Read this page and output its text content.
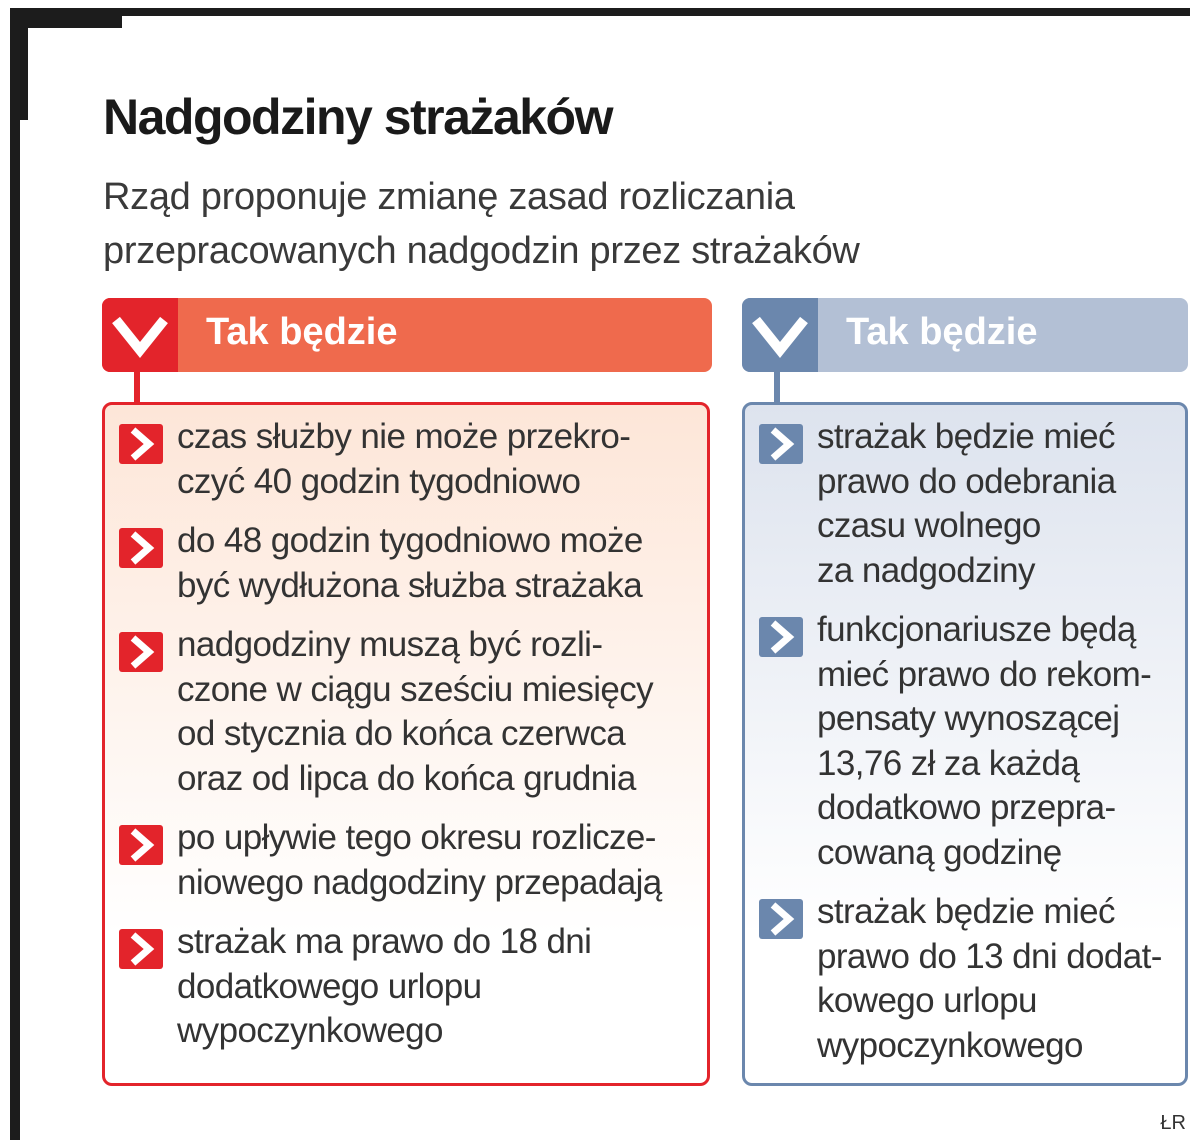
Nadgodziny strażaków

Rząd proponuje zmianę zasad rozliczania
przepracowanych nadgodzin przez strażaków

Tak będzie
czas służby nie może przekro-
czyć 40 godzin tygodniowo
do 48 godzin tygodniowo może
być wydłużona służba strażaka
nadgodziny muszą być rozli-
czone w ciągu sześciu miesięcy
od stycznia do końca czerwca
oraz od lipca do końca grudnia
po upływie tego okresu rozlicze-
niowego nadgodziny przepadają
strażak ma prawo do 18 dni
dodatkowego urlopu
wypoczynkowego
Tak będzie
strażak będzie mieć
prawo do odebrania
czasu wolnego
za nadgodziny
funkcjonariusze będą
mieć prawo do rekom-
pensaty wynoszącej
13,76 zł za każdą
dodatkowo przepra-
cowaną godzinę
strażak będzie mieć
prawo do 13 dni dodat-
kowego urlopu
wypoczynkowego
ŁR
